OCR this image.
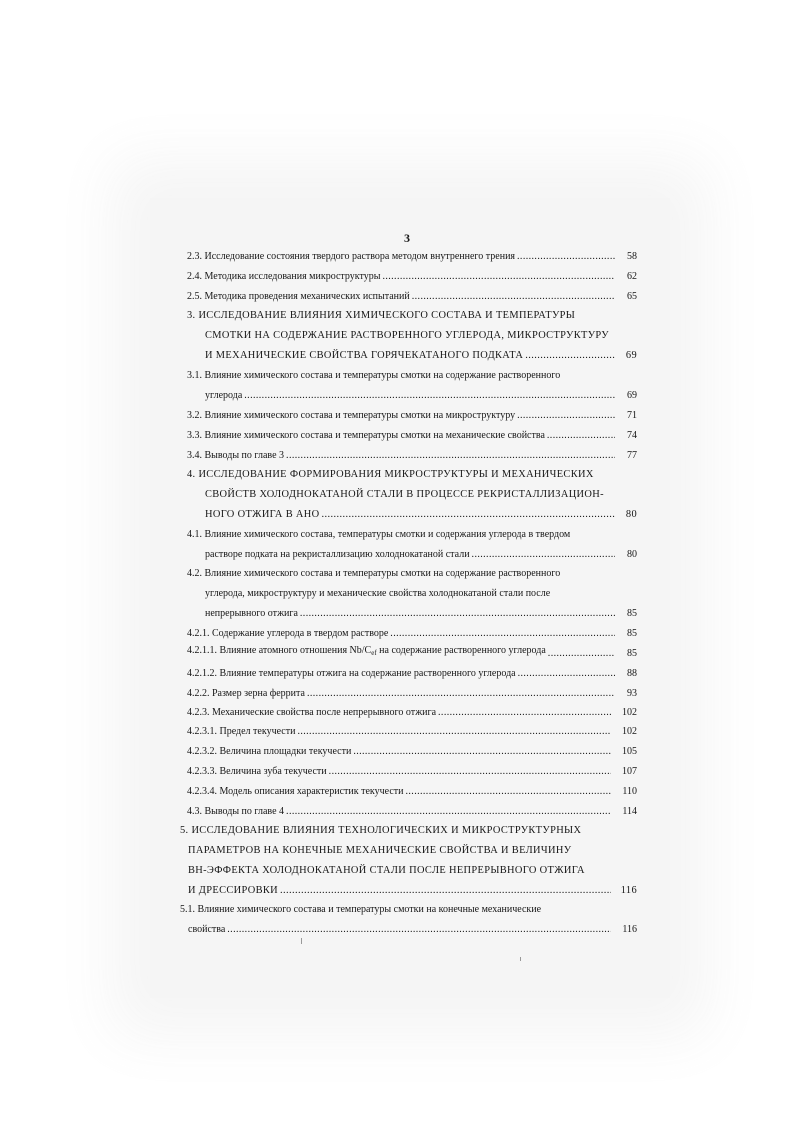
3
2.3. Исследование состояния твердого раствора методом внутреннего трения .....	58
2.4. Методика исследования микроструктуры .....	62
2.5. Методика проведения механических испытаний .....	65
3. ИССЛЕДОВАНИЕ ВЛИЯНИЯ ХИМИЧЕСКОГО СОСТАВА И ТЕМПЕРАТУРЫ
СМОТКИ НА СОДЕРЖАНИЕ РАСТВОРЕННОГО УГЛЕРОДА, МИКРОСТРУКТУРУ
И МЕХАНИЧЕСКИЕ СВОЙСТВА ГОРЯЧЕКАТАНОГО ПОДКАТА .....	69
3.1. Влияние химического состава и температуры смотки на содержание растворенного
углерода .....	69
3.2. Влияние химического состава и температуры смотки на микроструктуру .....	71
3.3. Влияние химического состава и температуры смотки на механические свойства .....	74
3.4. Выводы по главе 3 .....	77
4. ИССЛЕДОВАНИЕ ФОРМИРОВАНИЯ МИКРОСТРУКТУРЫ И МЕХАНИЧЕСКИХ
СВОЙСТВ ХОЛОДНОКАТАНОЙ СТАЛИ В ПРОЦЕССЕ РЕКРИСТАЛЛИЗАЦИОН-
НОГО ОТЖИГА В АНО .....	80
4.1. Влияние химического состава, температуры смотки и содержания углерода в твердом
растворе подката на рекристаллизацию холоднокатаной стали .....	80
4.2. Влияние химического состава и температуры смотки на содержание растворенного
углерода, микроструктуру и механические свойства холоднокатаной стали после
непрерывного отжига .....	85
4.2.1. Содержание углерода в твердом растворе .....	85
4.2.1.1. Влияние атомного отношения $Nb/C_{ef}$ на содержание растворенного углерода .....	85
4.2.1.2. Влияние температуры отжига на содержание растворенного углерода .....	88
4.2.2. Размер зерна феррита .....	93
4.2.3. Механические свойства после непрерывного отжига .....	102
4.2.3.1. Предел текучести .....	102
4.2.3.2. Величина площадки текучести .....	105
4.2.3.3. Величина зуба текучести .....	107
4.2.3.4. Модель описания характеристик текучести .....	110
4.3. Выводы по главе 4 .....	114
5. ИССЛЕДОВАНИЕ ВЛИЯНИЯ ТЕХНОЛОГИЧЕСКИХ И МИКРОСТРУКТУРНЫХ
ПАРАМЕТРОВ НА КОНЕЧНЫЕ МЕХАНИЧЕСКИЕ СВОЙСТВА И ВЕЛИЧИНУ
ВН-ЭФФЕКТА ХОЛОДНОКАТАНОЙ СТАЛИ ПОСЛЕ НЕПРЕРЫВНОГО ОТЖИГА
И ДРЕССИРОВКИ .....	116
5.1. Влияние химического состава и температуры смотки на конечные механические
свойства .....	116
